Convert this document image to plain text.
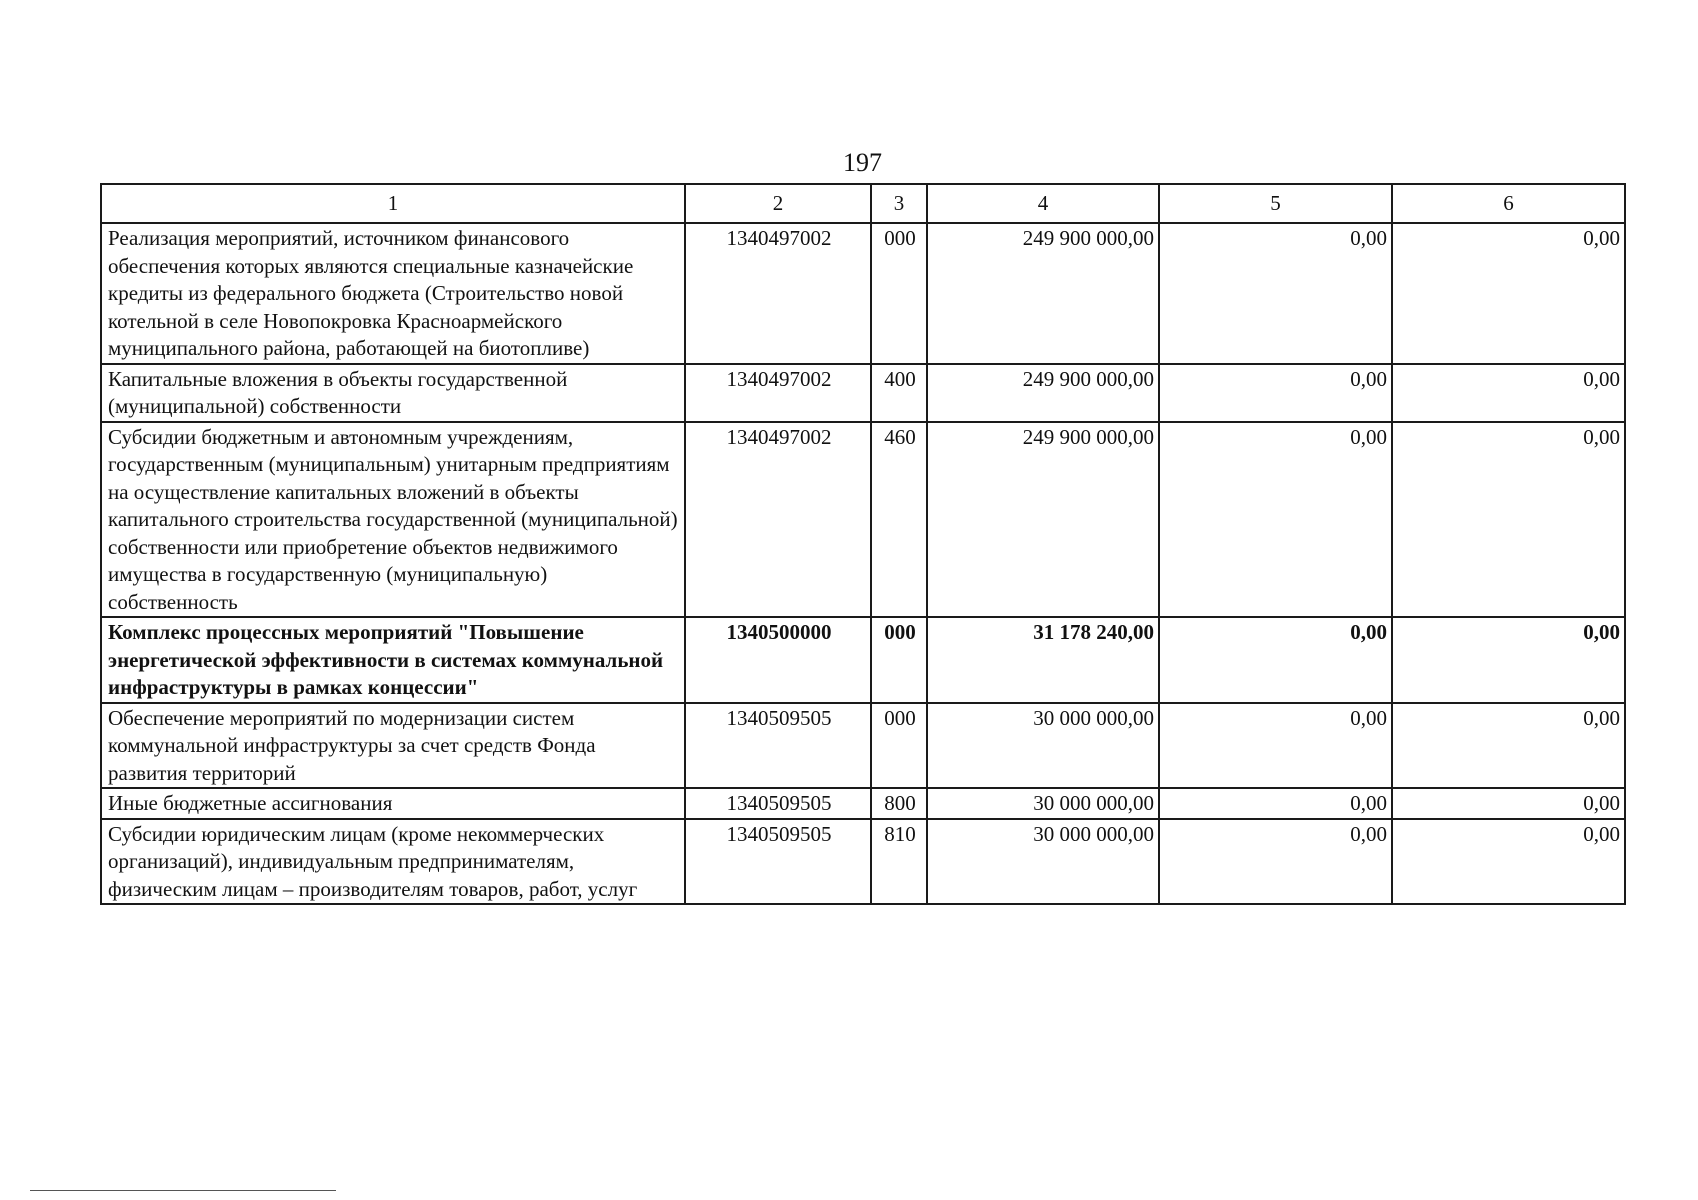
197
1	2	3	4	5	6
Реализация мероприятий, источником финансового обеспечения которых являются специальные казначейские кредиты из федерального бюджета (Строительство новой котельной в селе Новопокровка Красноармейского муниципального района, работающей на биотопливе)	1340497002	000	249 900 000,00	0,00	0,00
Капитальные вложения в объекты государственной (муниципальной) собственности	1340497002	400	249 900 000,00	0,00	0,00
Субсидии бюджетным и автономным учреждениям, государственным (муниципальным) унитарным предприятиям на осуществление капитальных вложений в объекты капитального строительства государственной (муниципальной) собственности или приобретение объектов недвижимого имущества в государственную (муниципальную) собственность	1340497002	460	249 900 000,00	0,00	0,00
Комплекс процессных мероприятий "Повышение энергетической эффективности в системах коммунальной инфраструктуры в рамках концессии"	1340500000	000	31 178 240,00	0,00	0,00
Обеспечение мероприятий по модернизации систем коммунальной инфраструктуры за счет средств Фонда развития территорий	1340509505	000	30 000 000,00	0,00	0,00
Иные бюджетные ассигнования	1340509505	800	30 000 000,00	0,00	0,00
Субсидии юридическим лицам (кроме некоммерческих организаций), индивидуальным предпринимателям, физическим лицам – производителям товаров, работ, услуг	1340509505	810	30 000 000,00	0,00	0,00
